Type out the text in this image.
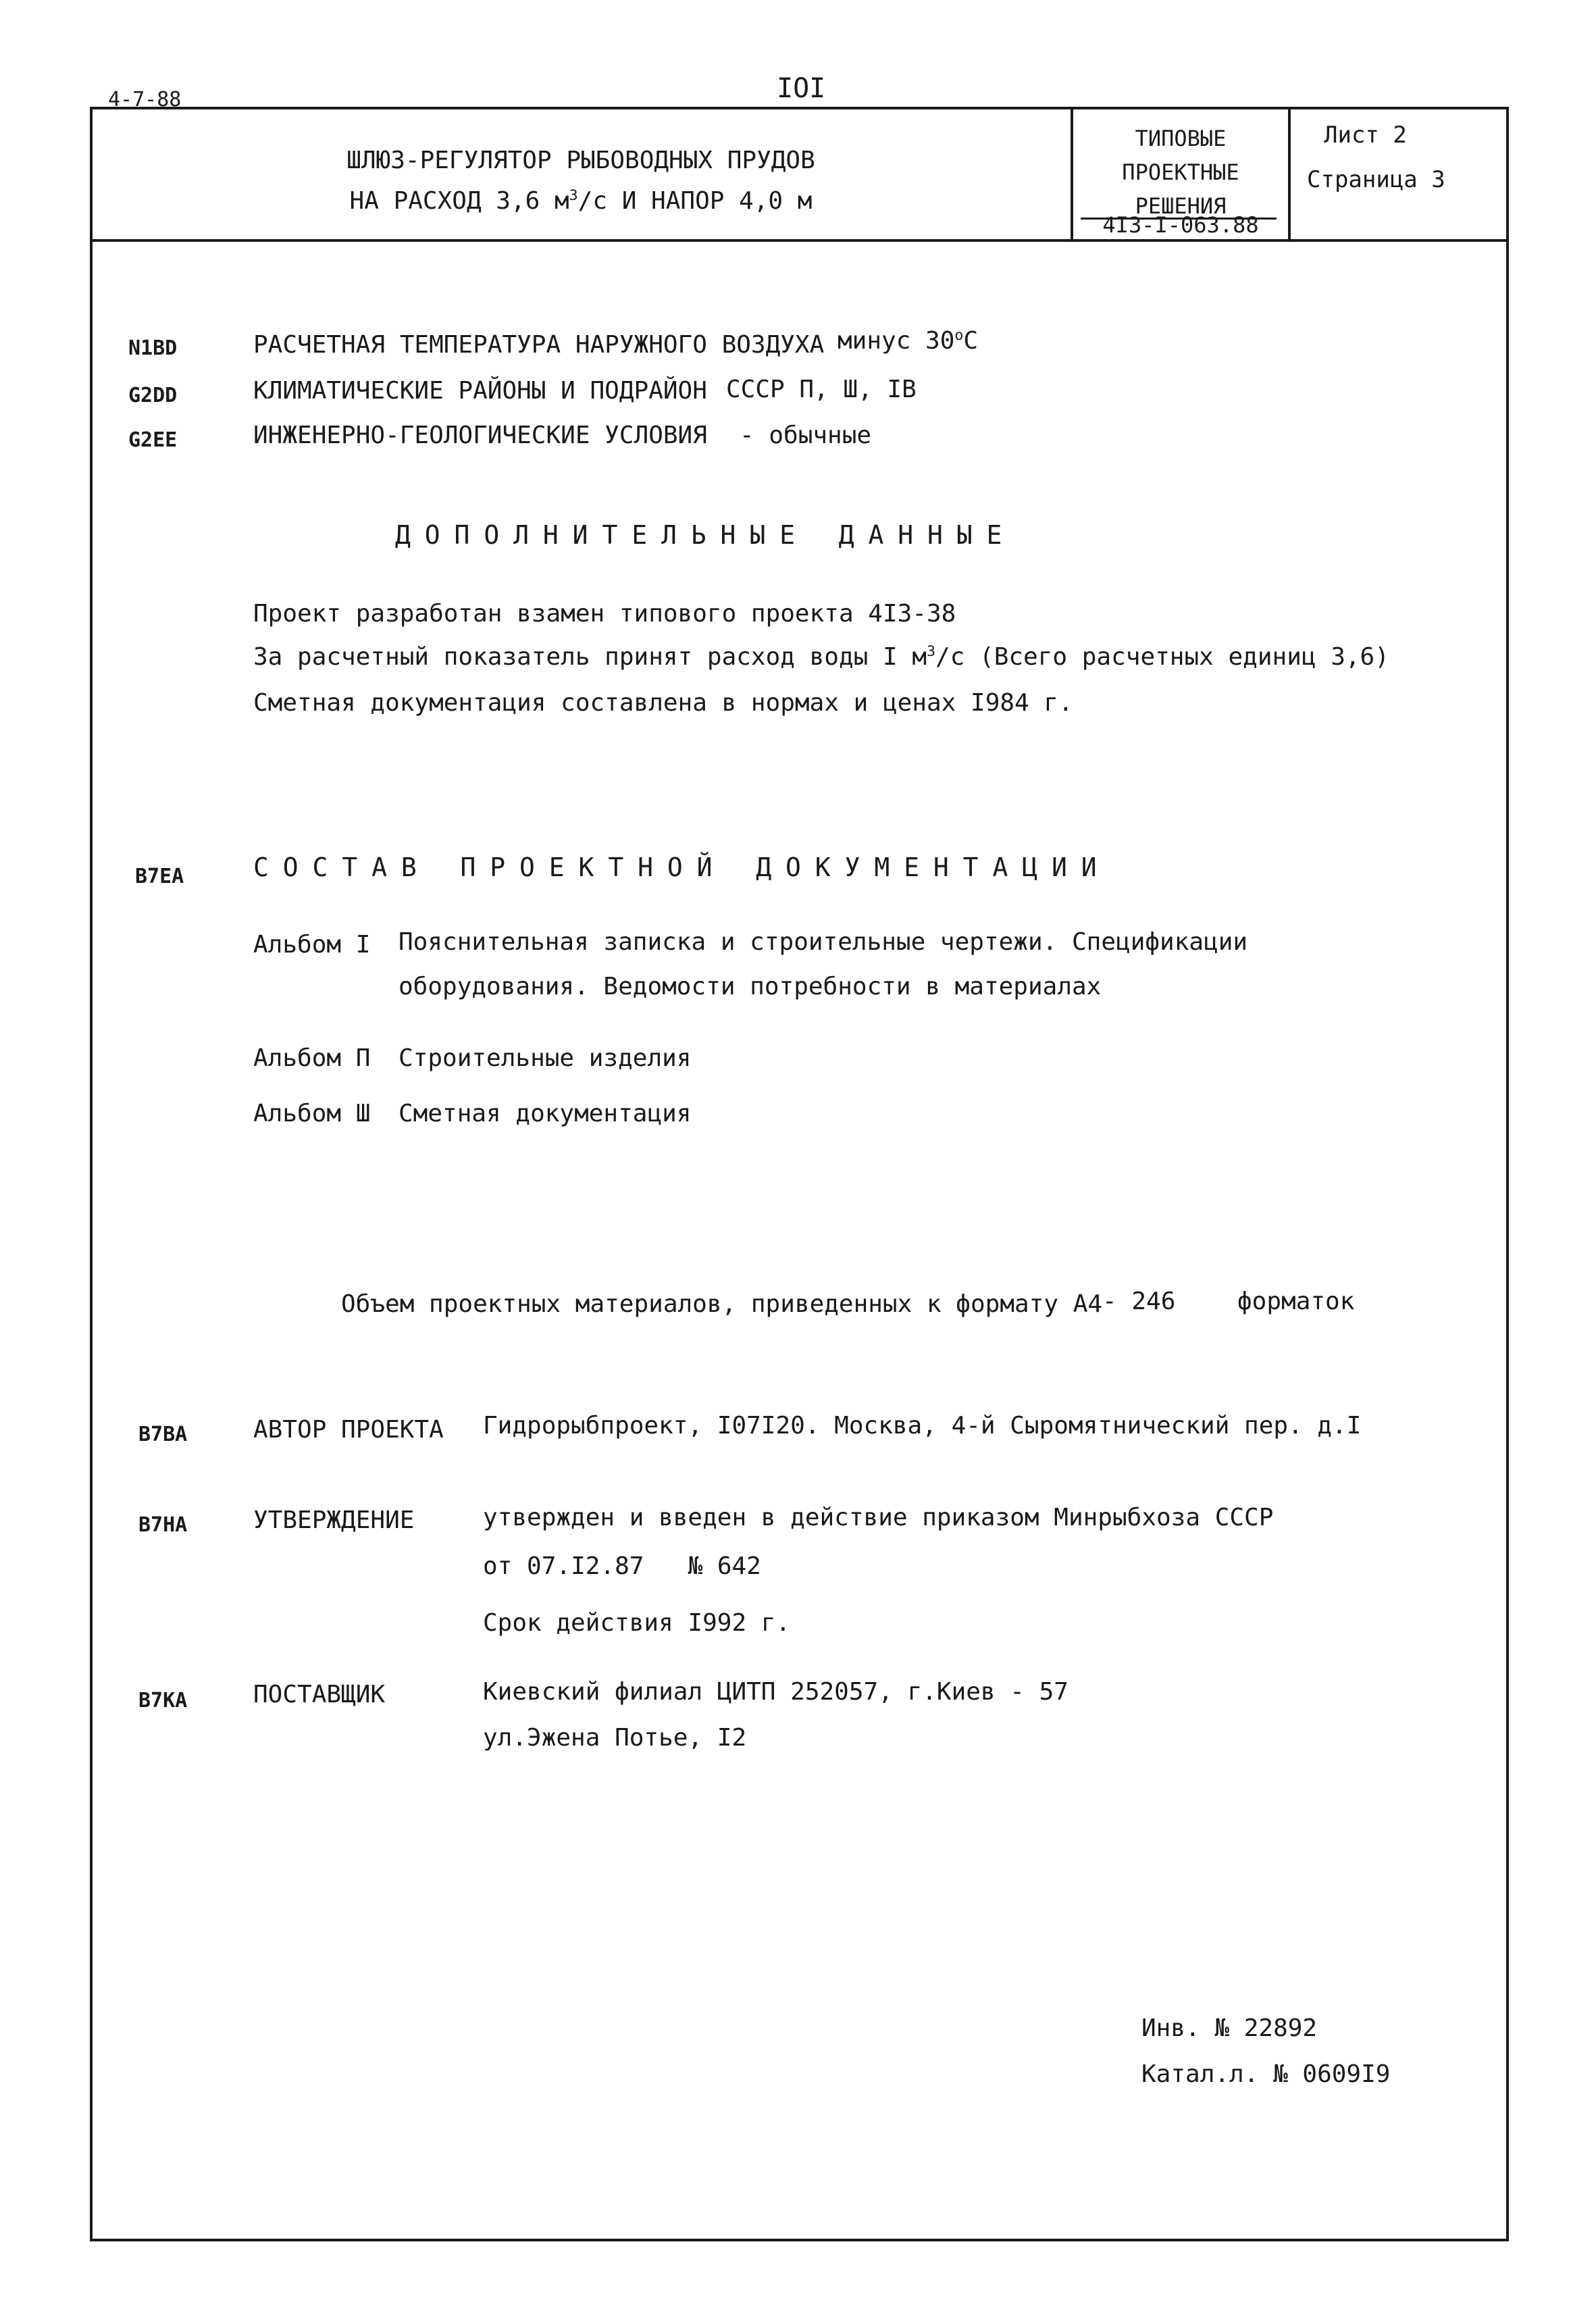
4-7-88	IOI
ШЛЮЗ-РЕГУЛЯТОР РЫБОВОДНЫХ ПРУДОВ
НА РАСХОД 3,6 $м^3/с$ И НАПОР 4,0 м
ТИПОВЫЕ
ПРОЕКТНЫЕ
РЕШЕНИЯ
4I3-I-063.88
Лист 2
Страница 3
N1BD	РАСЧЕТНАЯ ТЕМПЕРАТУРА НАРУЖНОГО ВОЗДУХА минус 30$^o$С
G2DD	КЛИМАТИЧЕСКИЕ РАЙОНЫ И ПОДРАЙОН СССР П, Ш, IВ
G2EE	ИНЖЕНЕРНО-ГЕОЛОГИЧЕСКИЕ УСЛОВИЯ - обычные
ДОПОЛНИТЕЛЬНЫЕ ДАННЫЕ
Проект разработан взамен типового проекта 4I3-38
За расчетный показатель принят расход воды I $м^3/с$ (Всего расчетных единиц 3,6)
Сметная документация составлена в нормах и ценах I984 г.
B7EA	СОСТАВ ПРОЕКТНОЙ ДОКУМЕНТАЦИИ
Альбом I Пояснительная записка и строительные чертежи. Спецификации
оборудования. Ведомости потребности в материалах
Альбом П Строительные изделия
Альбом Ш Сметная документация
Объем проектных материалов, приведенных к формату А4 - 246	форматок
B7BA	АВТОР ПРОЕКТА Гидрорыбпроект, I07I20. Москва, 4-й Сыромятнический пер. д.I
B7HA	УТВЕРЖДЕНИЕ	утвержден и введен в действие приказом Минрыбхоза СССР
от 07.I2.87 № 642
Срок действия I992 г.
B7KA	ПОСТАВЩИК	Киевский филиал ЦИТП 252057, г.Киев - 57
ул.Эжена Потье, I2
Инв. № 22892
Катал.л. № 0609I9
